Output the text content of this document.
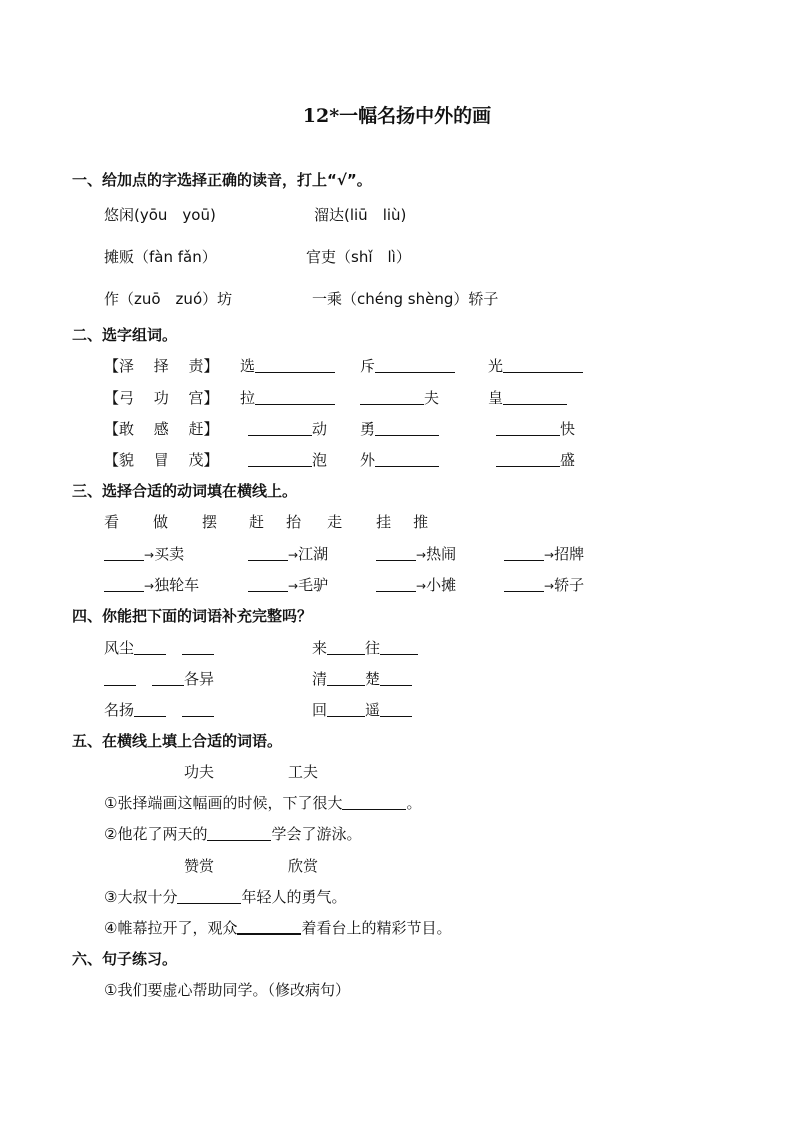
12*一幅名扬中外的画
一、给加点的字选择正确的读音，打上“√”。
悠闲(yōu　yoū)	溜达(liū　liù)
摊贩（fàn fǎn）	官吏（shǐ　lì）
作（zuō　zuó）坊	一乘（chéng shèng）轿子
二、选字组词。
【泽　 择　 责】 选	斥	光
【弓　 功　 宫】 拉	夫	皇
【敢　 感　 赶】	动 勇	快
【貌　 冒　 茂】	泡 外	盛
三、选择合适的动词填在横线上。
看 做 摆 赶 抬 走 挂 推
→买卖	→江湖	→热闹	→招牌
→独轮车	→毛驴	→小摊	→轿子
四、你能把下面的词语补充完整吗？
风尘	来	往
各异	清	楚
名扬	回	遥
五、在横线上填上合适的词语。
功夫	工夫
①张择端画这幅画的时候，下了很大	。
②他花了两天的	学会了游泳。
赞赏	欣赏
③大叔十分	年轻人的勇气。
④帷幕拉开了，观众	着看台上的精彩节目。
六、句子练习。
①我们要虚心帮助同学。（修改病句）
